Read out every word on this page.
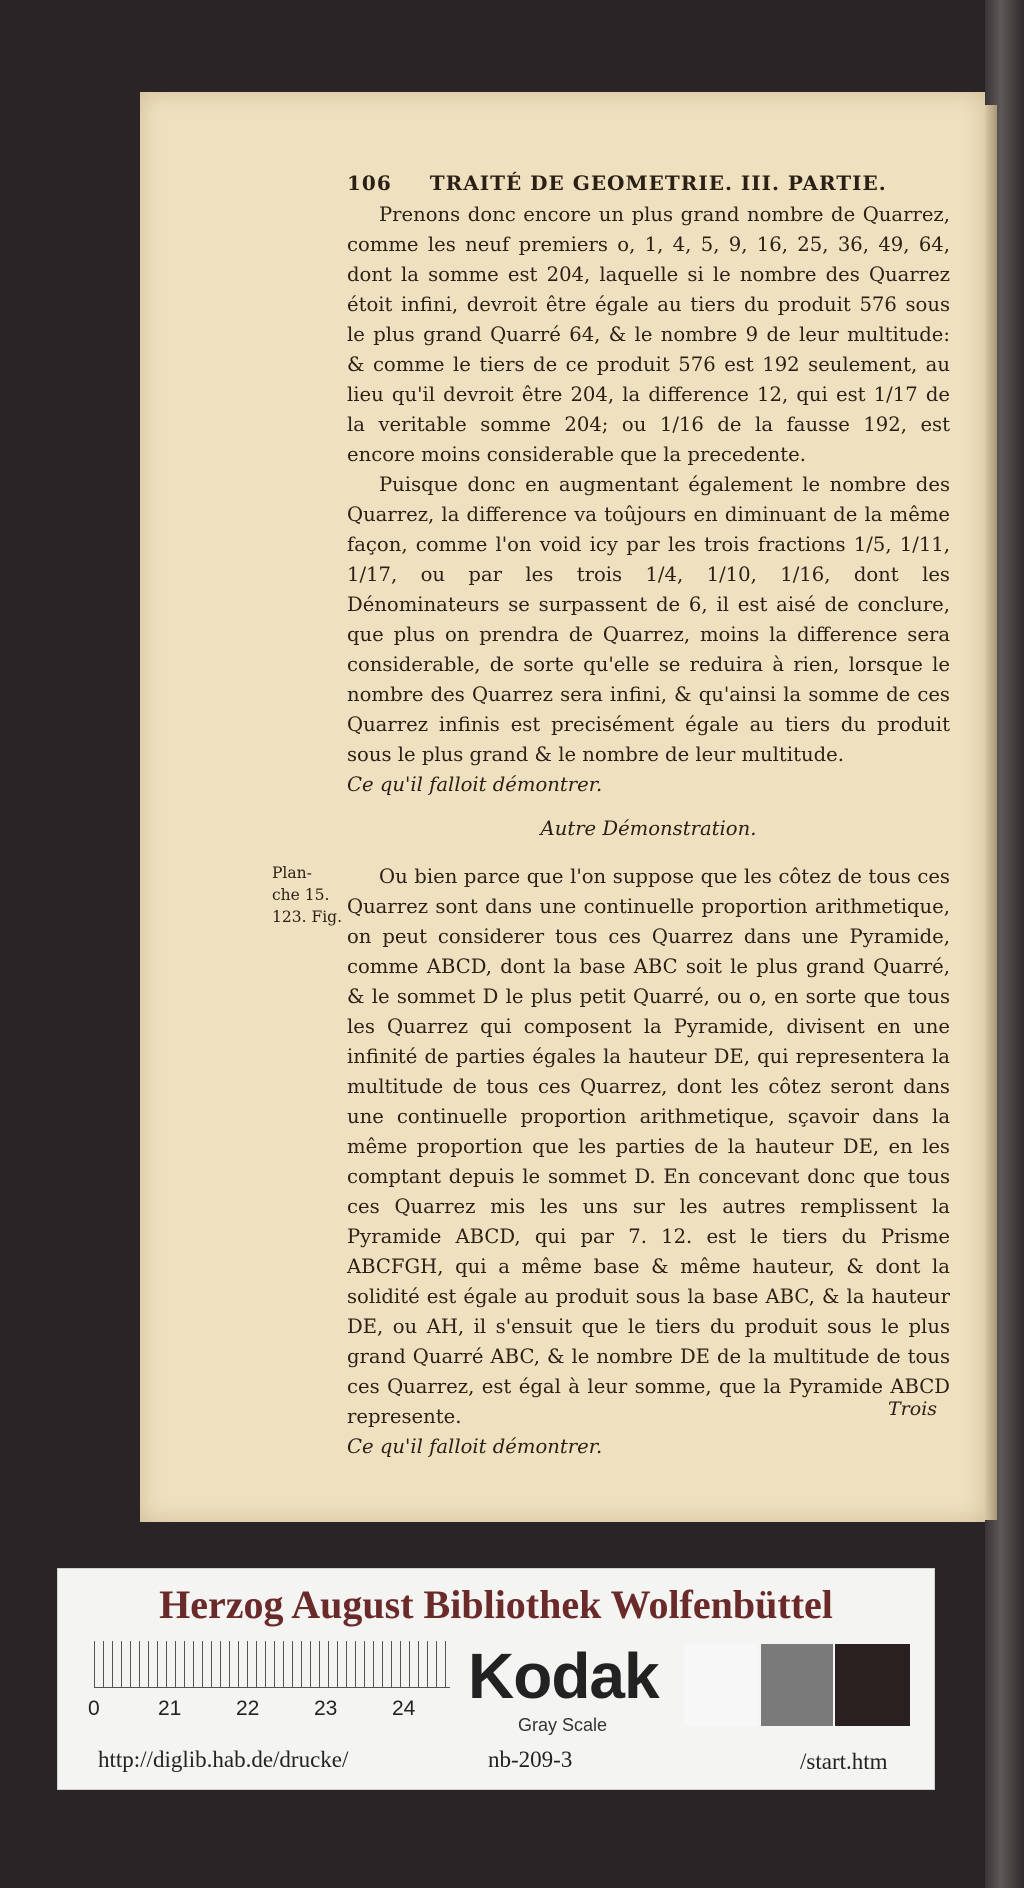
106 TRAITÉ DE GEOMETRIE. III. PARTIE.

Prenons donc encore un plus grand nombre de Quarrez, comme les neuf premiers o, 1, 4, 5, 9, 16, 25, 36, 49, 64, dont la somme est 204, laquelle si le nombre des Quarrez étoit infini, devroit être égale au tiers du produit 576 sous le plus grand Quarré 64, & le nombre 9 de leur multitude: & comme le tiers de ce produit 576 est 192 seulement, au lieu qu'il devroit être 204, la difference 12, qui est 1/17 de la veritable somme 204; ou 1/16 de la fausse 192, est encore moins considerable que la precedente.

Puisque donc en augmentant également le nombre des Quarrez, la difference va toûjours en diminuant de la même façon, comme l'on void icy par les trois fractions 1/5, 1/11, 1/17, ou par les trois 1/4, 1/10, 1/16, dont les Dénominateurs se surpassent de 6, il est aisé de conclure, que plus on prendra de Quarrez, moins la difference sera considerable, de sorte qu'elle se reduira à rien, lorsque le nombre des Quarrez sera infini, & qu'ainsi la somme de ces Quarrez infinis est precisément égale au tiers du produit sous le plus grand & le nombre de leur multitude.

Ce qu'il falloit démontrer.
Autre Démonstration.

Ou bien parce que l'on suppose que les côtez de tous ces Quarrez sont dans une continuelle proportion arithmetique, on peut considerer tous ces Quarrez dans une Pyramide, comme ABCD, dont la base ABC soit le plus grand Quarré, & le sommet D le plus petit Quarré, ou o, en sorte que tous les Quarrez qui composent la Pyramide, divisent en une infinité de parties égales la hauteur DE, qui representera la multitude de tous ces Quarrez, dont les côtez seront dans une continuelle proportion arithmetique, sçavoir dans la même proportion que les parties de la hauteur DE, en les comptant depuis le sommet D. En concevant donc que tous ces Quarrez mis les uns sur les autres remplissent la Pyramide ABCD, qui par 7. 12. est le tiers du Prisme ABCFGH, qui a même base & même hauteur, & dont la solidité est égale au produit sous la base ABC, & la hauteur DE, ou AH, il s'ensuit que le tiers du produit sous le plus grand Quarré ABC, & le nombre DE de la multitude de tous ces Quarrez, est égal à leur somme, que la Pyramide ABCD represente.

Ce qu'il falloit démontrer.
Plan-
che 15.
123. Fig.
Trois
Herzog August Bibliothek Wolfenbüttel
0	21	22	23	24 Kodak
Gray Scale
http://diglib.hab.de/drucke/	nb-209-3	/start.htm
